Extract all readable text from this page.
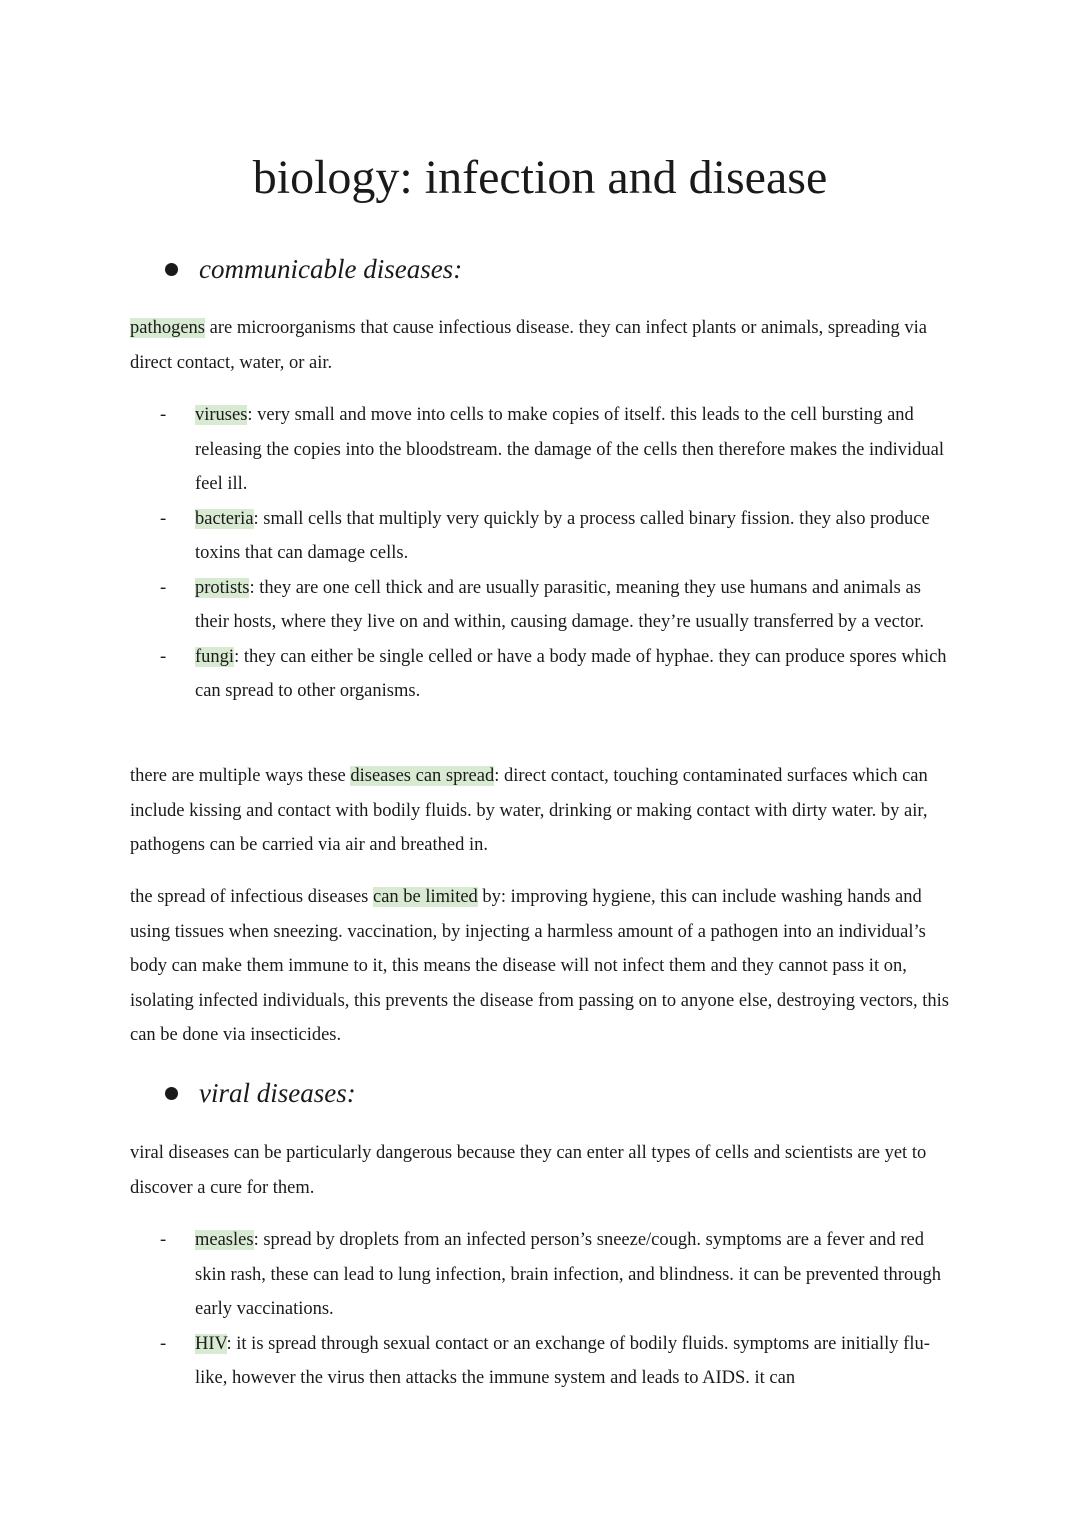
biology: infection and disease
communicable diseases:

pathogens are microorganisms that cause infectious disease. they can infect plants or animals, spreading via direct contact, water, or air.

- viruses: very small and move into cells to make copies of itself. this leads to the cell bursting and releasing the copies into the bloodstream. the damage of the cells then therefore makes the individual feel ill.
- bacteria: small cells that multiply very quickly by a process called binary fission. they also produce toxins that can damage cells.
- protists: they are one cell thick and are usually parasitic, meaning they use humans and animals as their hosts, where they live on and within, causing damage. they’re usually transferred by a vector.
- fungi: they can either be single celled or have a body made of hyphae. they can produce spores which can spread to other organisms.

there are multiple ways these diseases can spread: direct contact, touching contaminated surfaces which can include kissing and contact with bodily fluids. by water, drinking or making contact with dirty water. by air, pathogens can be carried via air and breathed in.

the spread of infectious diseases can be limited by: improving hygiene, this can include washing hands and using tissues when sneezing. vaccination, by injecting a harmless amount of a pathogen into an individual’s body can make them immune to it, this means the disease will not infect them and they cannot pass it on, isolating infected individuals, this prevents the disease from passing on to anyone else, destroying vectors, this can be done via insecticides.

viral diseases:

viral diseases can be particularly dangerous because they can enter all types of cells and scientists are yet to discover a cure for them.

- measles: spread by droplets from an infected person’s sneeze/cough. symptoms are a fever and red skin rash, these can lead to lung infection, brain infection, and blindness. it can be prevented through early vaccinations.
- HIV: it is spread through sexual contact or an exchange of bodily fluids. symptoms are initially flu-like, however the virus then attacks the immune system and leads to AIDS. it can
